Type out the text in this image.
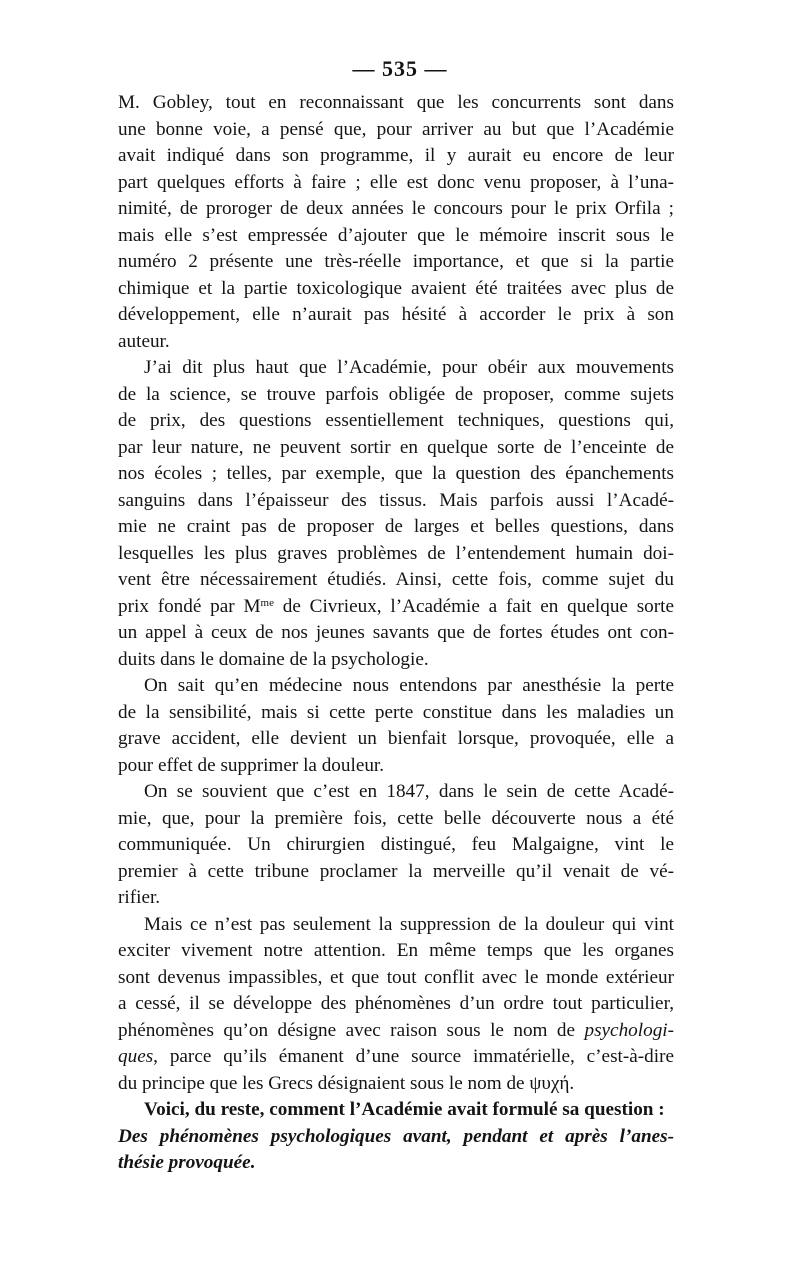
— 535 —

M. Gobley, tout en reconnaissant que les concurrents sont dans
une bonne voie, a pensé que, pour arriver au but que l’Académie
avait indiqué dans son programme, il y aurait eu encore de leur
part quelques efforts à faire ; elle est donc venu proposer, à l’una-
nimité, de proroger de deux années le concours pour le prix Orfila ;
mais elle s’est empressée d’ajouter que le mémoire inscrit sous le
numéro 2 présente une très-réelle importance, et que si la partie
chimique et la partie toxicologique avaient été traitées avec plus de
développement, elle n’aurait pas hésité à accorder le prix à son
auteur.

J’ai dit plus haut que l’Académie, pour obéir aux mouvements
de la science, se trouve parfois obligée de proposer, comme sujets
de prix, des questions essentiellement techniques, questions qui,
par leur nature, ne peuvent sortir en quelque sorte de l’enceinte de
nos écoles ; telles, par exemple, que la question des épanchements
sanguins dans l’épaisseur des tissus. Mais parfois aussi l’Acadé-
mie ne craint pas de proposer de larges et belles questions, dans
lesquelles les plus graves problèmes de l’entendement humain doi-
vent être nécessairement étudiés. Ainsi, cette fois, comme sujet du
prix fondé par $M^{me}$ de Civrieux, l’Académie a fait en quelque sorte
un appel à ceux de nos jeunes savants que de fortes études ont con-
duits dans le domaine de la psychologie.

On sait qu’en médecine nous entendons par anesthésie la perte
de la sensibilité, mais si cette perte constitue dans les maladies un
grave accident, elle devient un bienfait lorsque, provoquée, elle a
pour effet de supprimer la douleur.

On se souvient que c’est en 1847, dans le sein de cette Acadé-
mie, que, pour la première fois, cette belle découverte nous a été
communiquée. Un chirurgien distingué, feu Malgaigne, vint le
premier à cette tribune proclamer la merveille qu’il venait de vé-
rifier.

Mais ce n’est pas seulement la suppression de la douleur qui vint
exciter vivement notre attention. En même temps que les organes
sont devenus impassibles, et que tout conflit avec le monde extérieur
a cessé, il se développe des phénomènes d’un ordre tout particulier,
phénomènes qu’on désigne avec raison sous le nom de psychologi-
ques, parce qu’ils émanent d’une source immatérielle, c’est-à-dire
du principe que les Grecs désignaient sous le nom de ψυχή.

Voici, du reste, comment l’Académie avait formulé sa question :

Des phénomènes psychologiques avant, pendant et après l’anes-
thésie provoquée.
